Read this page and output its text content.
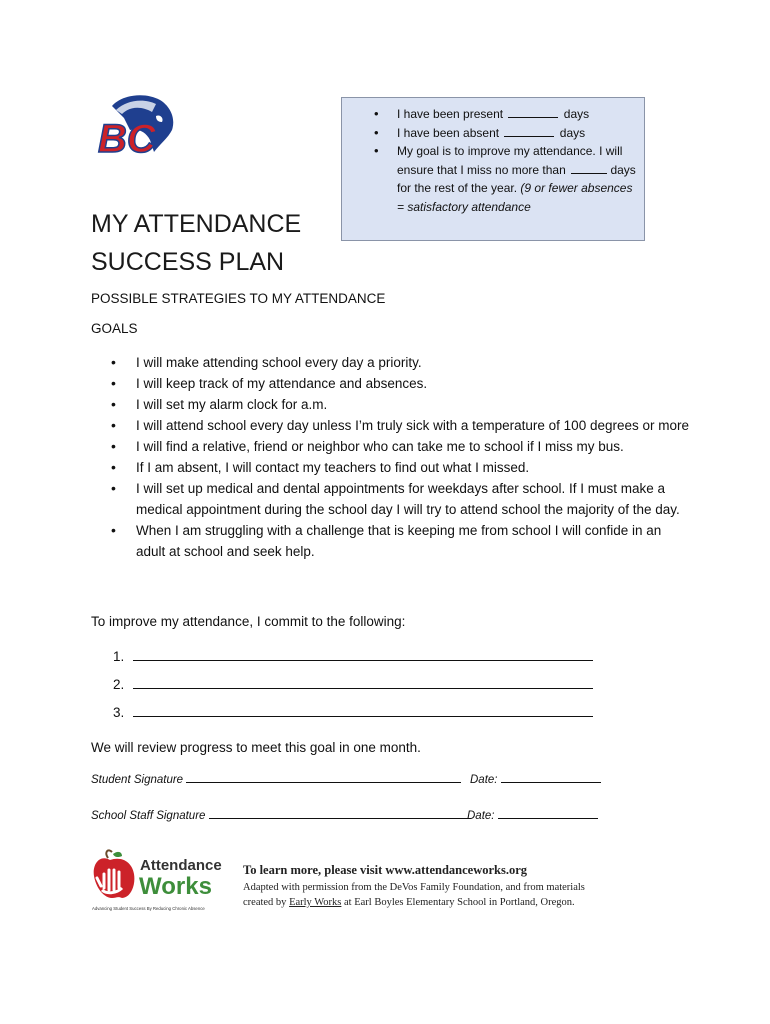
BC
• I have been present	days
• I have been absent	days
• My goal is to improve my attendance. I will ensure that I miss no more than	days for the rest of the year. (9 or fewer absences = satisfactory attendance
MY ATTENDANCE
SUCCESS PLAN
POSSIBLE STRATEGIES TO MY ATTENDANCE
GOALS
• I will make attending school every day a priority.
• I will keep track of my attendance and absences.
• I will set my alarm clock for a.m.
• I will attend school every day unless I’m truly sick with a temperature of 100 degrees or more
• I will find a relative, friend or neighbor who can take me to school if I miss my bus.
• If I am absent, I will contact my teachers to find out what I missed.
• I will set up medical and dental appointments for weekdays after school. If I must make a medical appointment during the school day I will try to attend school the majority of the day.
• When I am struggling with a challenge that is keeping me from school I will confide in an adult at school and seek help.
To improve my attendance, I commit to the following:
1.
2.
3.
We will review progress to meet this goal in one month.
Student Signature	Date:
School Staff Signature	Date:
Attendance
Works
Advancing Student Success By Reducing Chronic Absence
To learn more, please visit www.attendanceworks.org
Adapted with permission from the DeVos Family Foundation, and from materials
created by Early Works at Earl Boyles Elementary School in Portland, Oregon.
